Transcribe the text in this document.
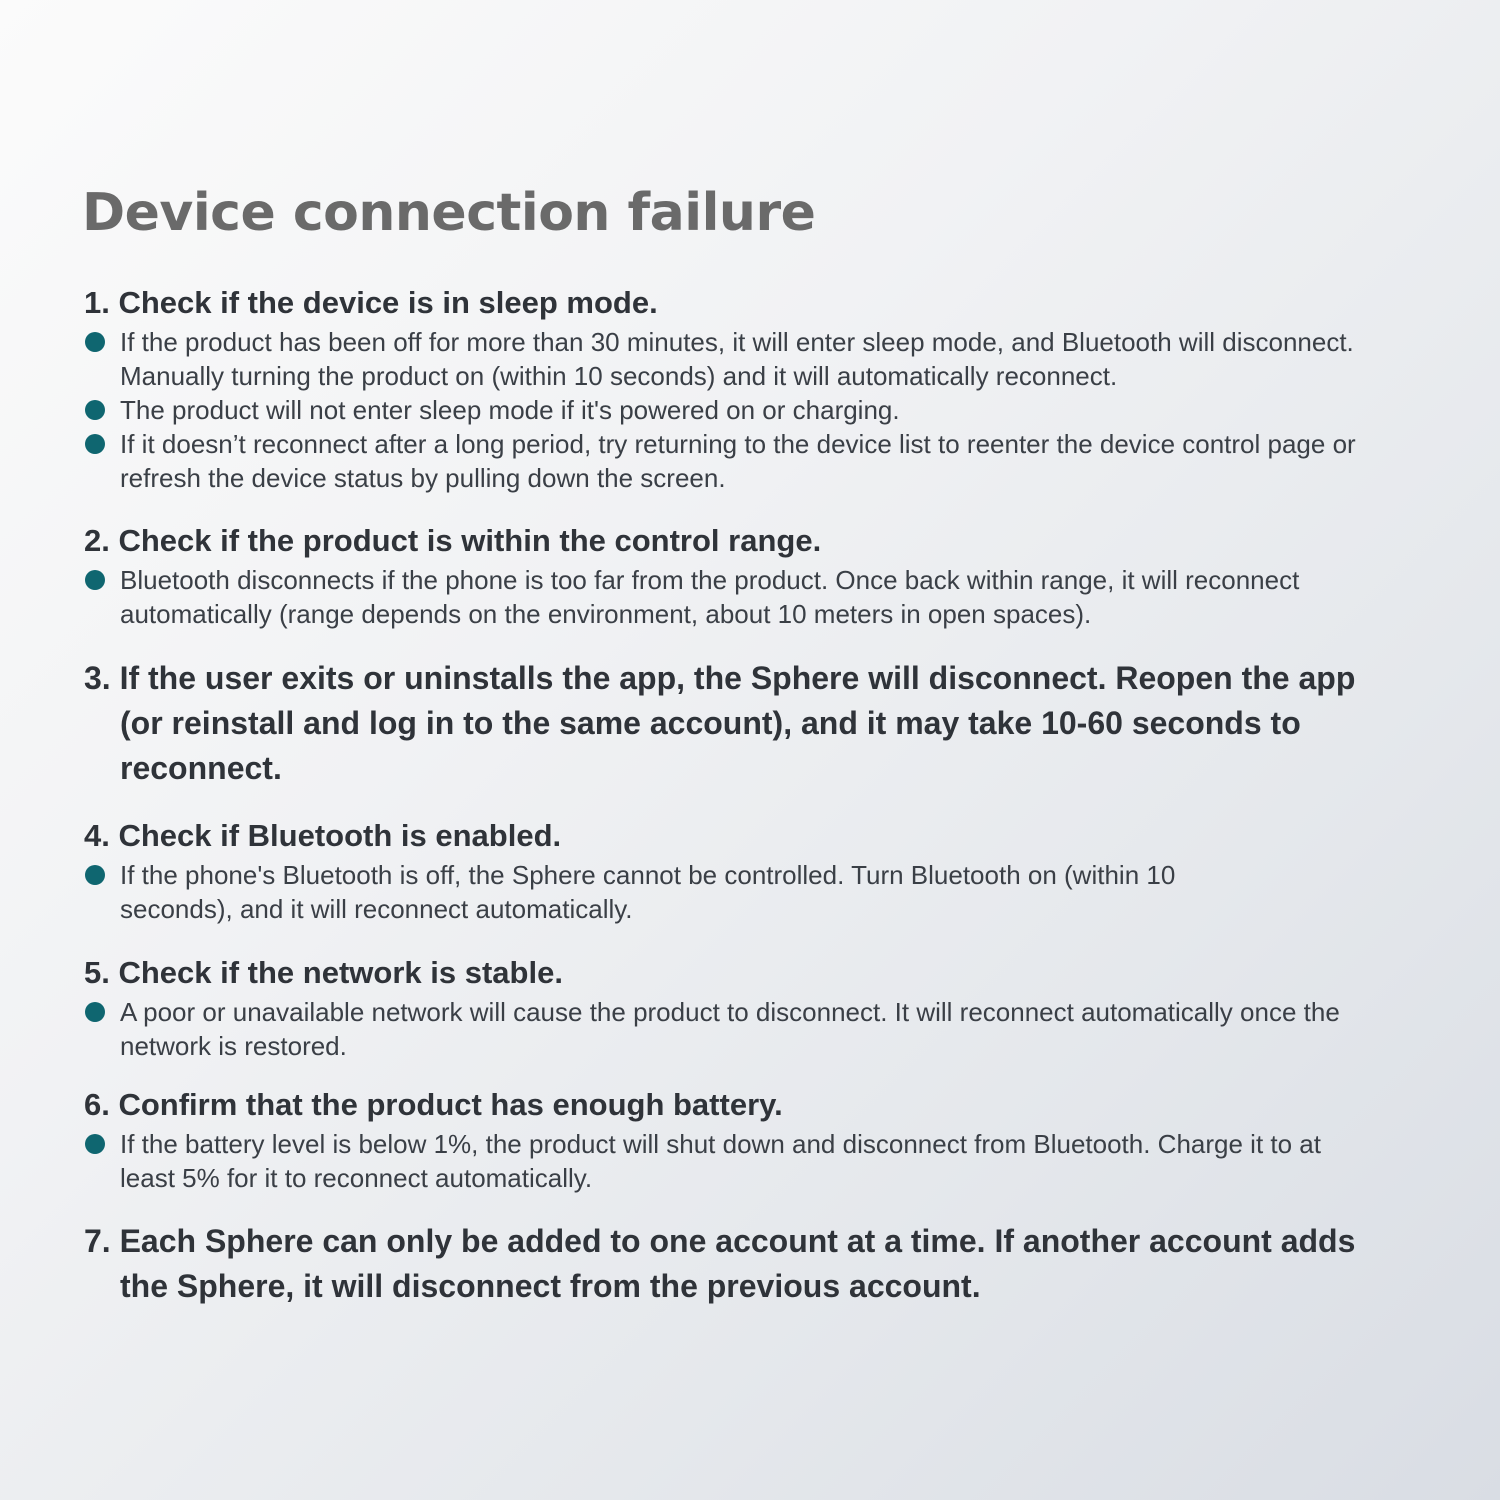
Device connection failure
1. Check if the device is in sleep mode.
If the product has been off for more than 30 minutes, it will enter sleep mode, and Bluetooth will disconnect. Manually turning the product on (within 10 seconds) and it will automatically reconnect.
The product will not enter sleep mode if it's powered on or charging.
If it doesn’t reconnect after a long period, try returning to the device list to reenter the device control page or refresh the device status by pulling down the screen.
2. Check if the product is within the control range.
Bluetooth disconnects if the phone is too far from the product. Once back within range, it will reconnect automatically (range depends on the environment, about 10 meters in open spaces).
3. If the user exits or uninstalls the app, the Sphere will disconnect. Reopen the app (or reinstall and log in to the same account), and it may take 10-60 seconds to reconnect.
4. Check if Bluetooth is enabled.
If the phone's Bluetooth is off, the Sphere cannot be controlled. Turn Bluetooth on (within 10 seconds), and it will reconnect automatically.
5. Check if the network is stable.
A poor or unavailable network will cause the product to disconnect. It will reconnect automatically once the network is restored.
6. Confirm that the product has enough battery.
If the battery level is below 1%, the product will shut down and disconnect from Bluetooth. Charge it to at least 5% for it to reconnect automatically.
7. Each Sphere can only be added to one account at a time. If another account adds the Sphere, it will disconnect from the previous account.
